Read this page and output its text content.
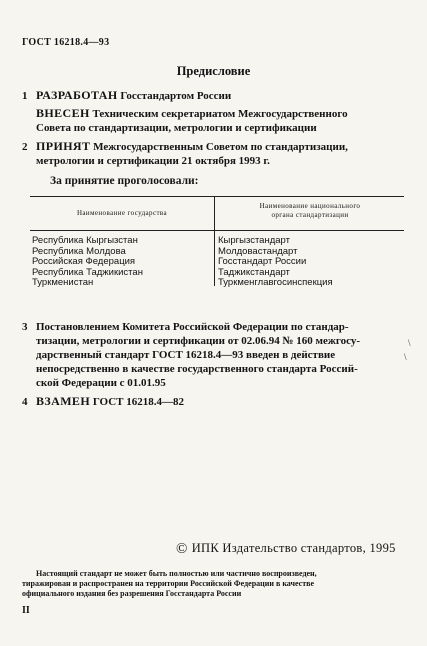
ГОСТ 16218.4—93
Предисловие
1 РАЗРАБОТАН Госстандартом России
ВНЕСЕН Техническим секретариатом Межгосударственного
Совета по стандартизации, метрологии и сертификации
2 ПРИНЯТ Межгосударственным Советом по стандартизации,
метрологии и сертификации 21 октября 1993 г.
За принятие проголосовали:
Наименование государства
Наименование национального
органа стандартизации
Республика Кыргызстан	Кыргызстандарт
Республика Молдова	Молдовастандарт
Российская Федерация	Госстандарт России
Республика Таджикистан	Таджикстандарт
Туркменистан	Туркменглавгосинспекция
3 Постановлением Комитета Российской Федерации по стандар-
тизации, метрологии и сертификации от 02.06.94 № 160 межгосу-
дарственный стандарт ГОСТ 16218.4—93 введен в действие
непосредственно в качестве государственного стандарта Россий-
ской Федерации с 01.01.95
\
\
4 ВЗАМЕН ГОСТ 16218.4—82
© ИПК Издательство стандартов, 1995
Настоящий стандарт не может быть полностью или частично воспроизведен,
тиражирован и распространен на территории Российской Федерации в качестве
официального издания без разрешения Госстандарта России
II
